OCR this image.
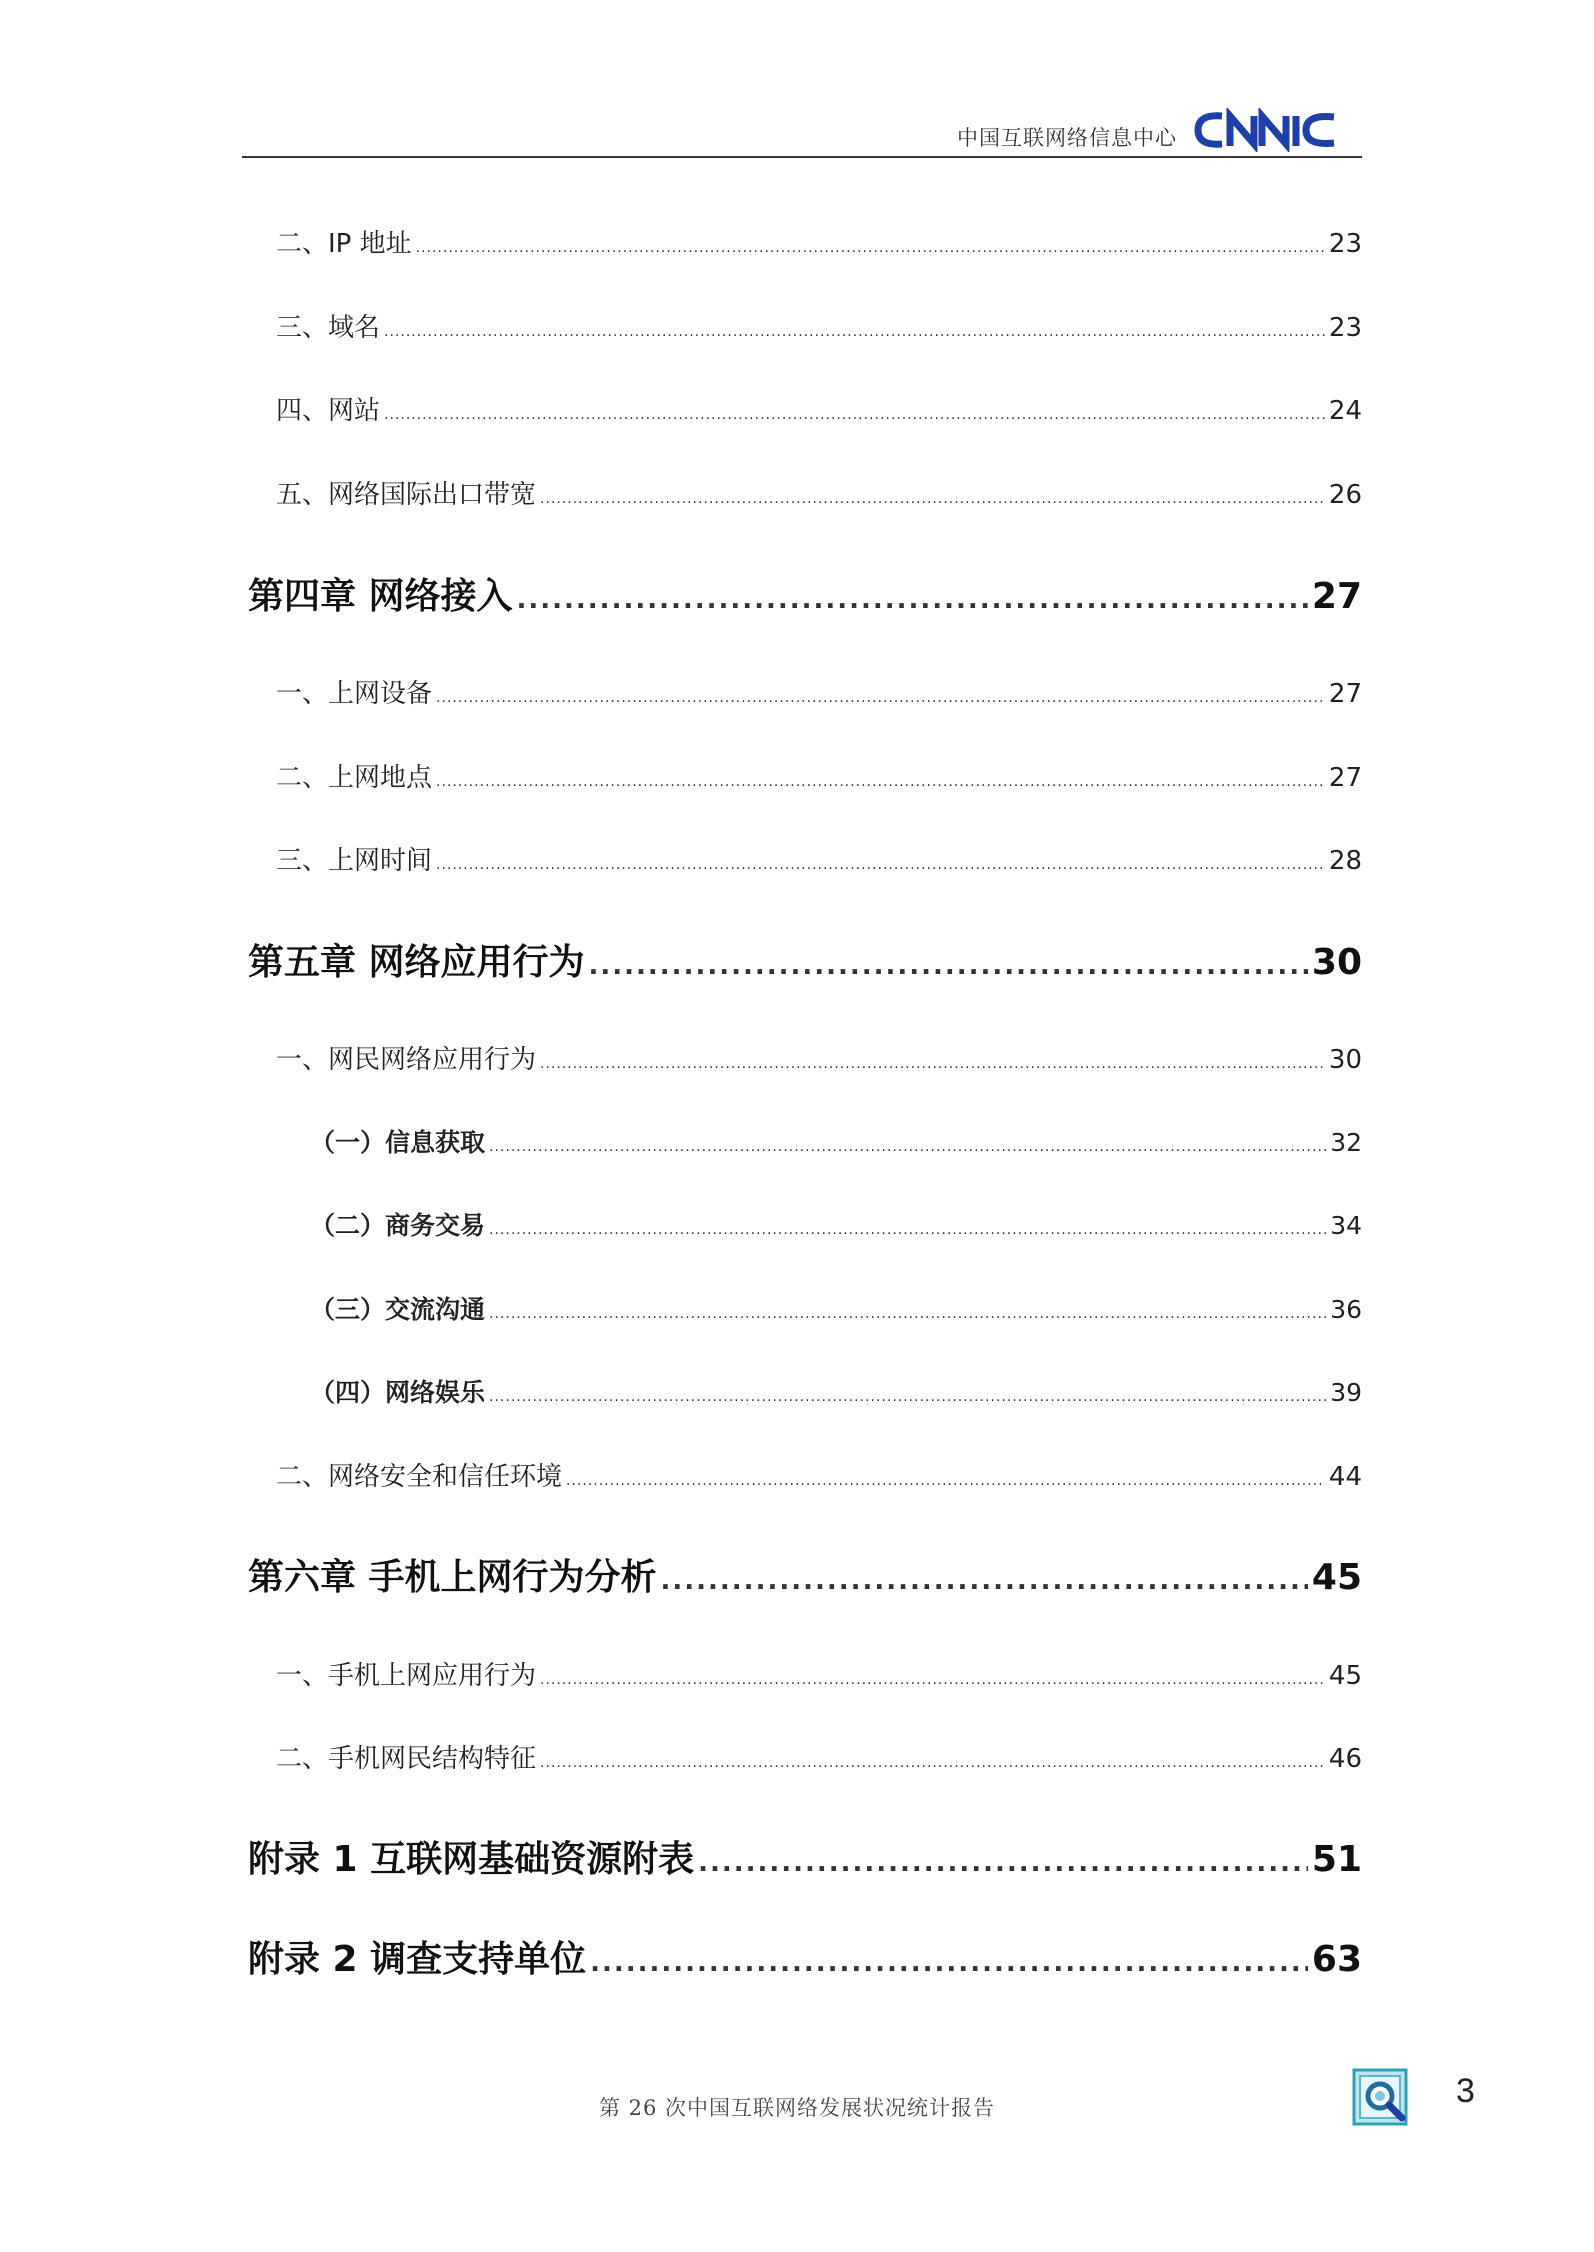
中国互联网络信息中心
CNNIC
二、IP 地址 .....	23
三、域名 .....	23
四、网站 .....	24
五、网络国际出口带宽 .....	26
第四章 网络接入 .....	27
一、上网设备 .....	27
二、上网地点 .....	27
三、上网时间 .....	28
第五章 网络应用行为 .....	30
一、网民网络应用行为 .....	30
（一）信息获取 .....	32
（二）商务交易 .....	34
（三）交流沟通 .....	36
（四）网络娱乐 .....	39
二、网络安全和信任环境 .....	44
第六章 手机上网行为分析 .....	45
一、手机上网应用行为 .....	45
二、手机网民结构特征 .....	46
附录 1 互联网基础资源附表 .....	51
附录 2 调查支持单位 .....	63
第 26 次中国互联网络发展状况统计报告	3
